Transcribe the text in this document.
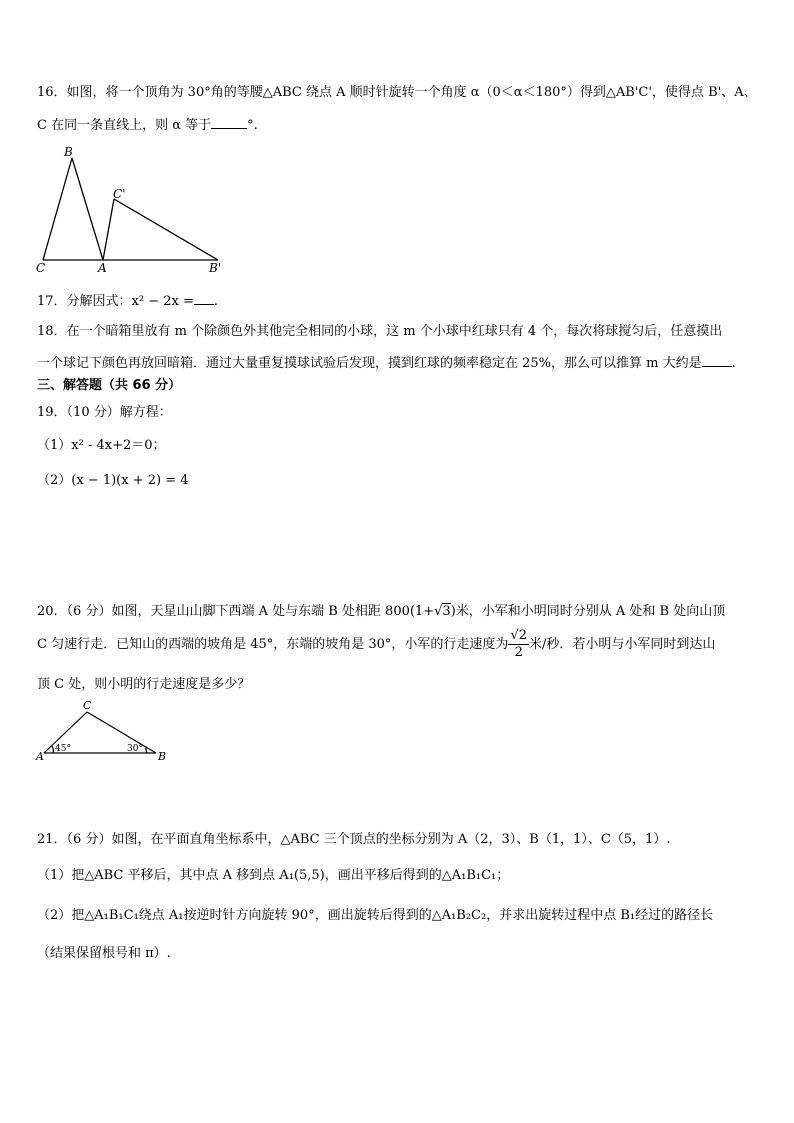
16．如图，将一个顶角为 30°角的等腰△ABC 绕点 A 顺时针旋转一个角度 α（0＜α＜180°）得到△AB'C'，使得点 B'、A、
C 在同一条直线上，则 α 等于	°.
B
C'
C	A	B'
17．分解因式：x² − 2x = .
18．在一个暗箱里放有 m 个除颜色外其他完全相同的小球，这 m 个小球中红球只有 4 个，每次将球搅匀后，任意摸出
一个球记下颜色再放回暗箱．通过大量重复摸球试验后发现，摸到红球的频率稳定在 25%，那么可以推算 m 大约是 .
三、解答题（共 66 分）
19．（10 分）解方程：
（1）x² - 4x+2＝0；
（2）(x − 1)(x + 2) = 4
20．（6 分）如图，天星山山脚下西端 A 处与东端 B 处相距 800(1+√3)米，小军和小明同时分别从 A 处和 B 处向山顶
C 匀速行走．已知山的西端的坡角是 45°，东端的坡角是 30°，小军的行走速度为 $\frac{√2}{2}$ 米/秒．若小明与小军同时到达山
顶 C 处，则小明的行走速度是多少？
C
A	B
45°	30°
21．（6 分）如图，在平面直角坐标系中，△ABC 三个顶点的坐标分别为 A（2，3）、B（1，1）、C（5，1）.
（1）把△ABC 平移后，其中点 A 移到点 A₁(5,5)，画出平移后得到的△A₁B₁C₁；
（2）把△A₁B₁C₁绕点 A₁按逆时针方向旋转 90°，画出旋转后得到的△A₁B₂C₂，并求出旋转过程中点 B₁经过的路径长
（结果保留根号和 π）.
